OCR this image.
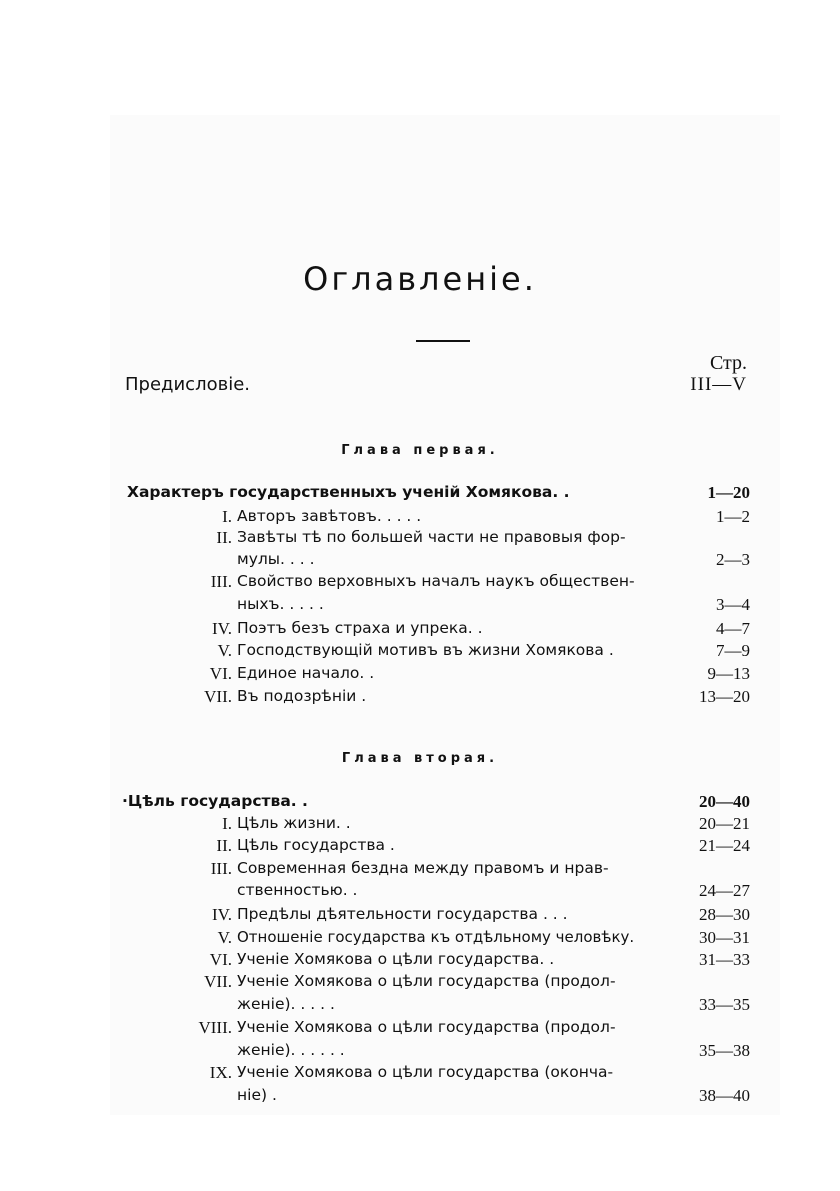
Оглавленіе.
Стр.
Предисловіе.	III—V
Глава первая.
Характеръ государственныхъ ученій Хомякова. .	1—20
I. Авторъ завѣтовъ. . . . .	1—2
II. Завѣты тѣ по большей части не правовыя фор-
мулы. . . .	2—3
III. Свойство верховныхъ началъ наукъ обществен-
ныхъ. . . . .	3—4
IV. Поэтъ безъ страха и упрека. .	4—7
V. Господствующій мотивъ въ жизни Хомякова .	7—9
VI. Единое начало. .	9—13
VII. Въ подозрѣніи .	13—20
Глава вторая.
·Цѣль государства. .	20—40
I. Цѣль жизни. .	20—21
II. Цѣль государства .	21—24
III. Современная бездна между правомъ и нрав-
ственностью. .	24—27
IV. Предѣлы дѣятельности государства . . .	28—30
V. Отношеніе государства къ отдѣльному человѣку.	30—31
VI. Ученіе Хомякова о цѣли государства. .	31—33
VII. Ученіе Хомякова о цѣли государства (продол-
женіе). . . . .	33—35
VIII. Ученіе Хомякова о цѣли государства (продол-
женіе). . . . . .	35—38
IX. Ученіе Хомякова о цѣли государства (оконча-
ніе) .	38—40
